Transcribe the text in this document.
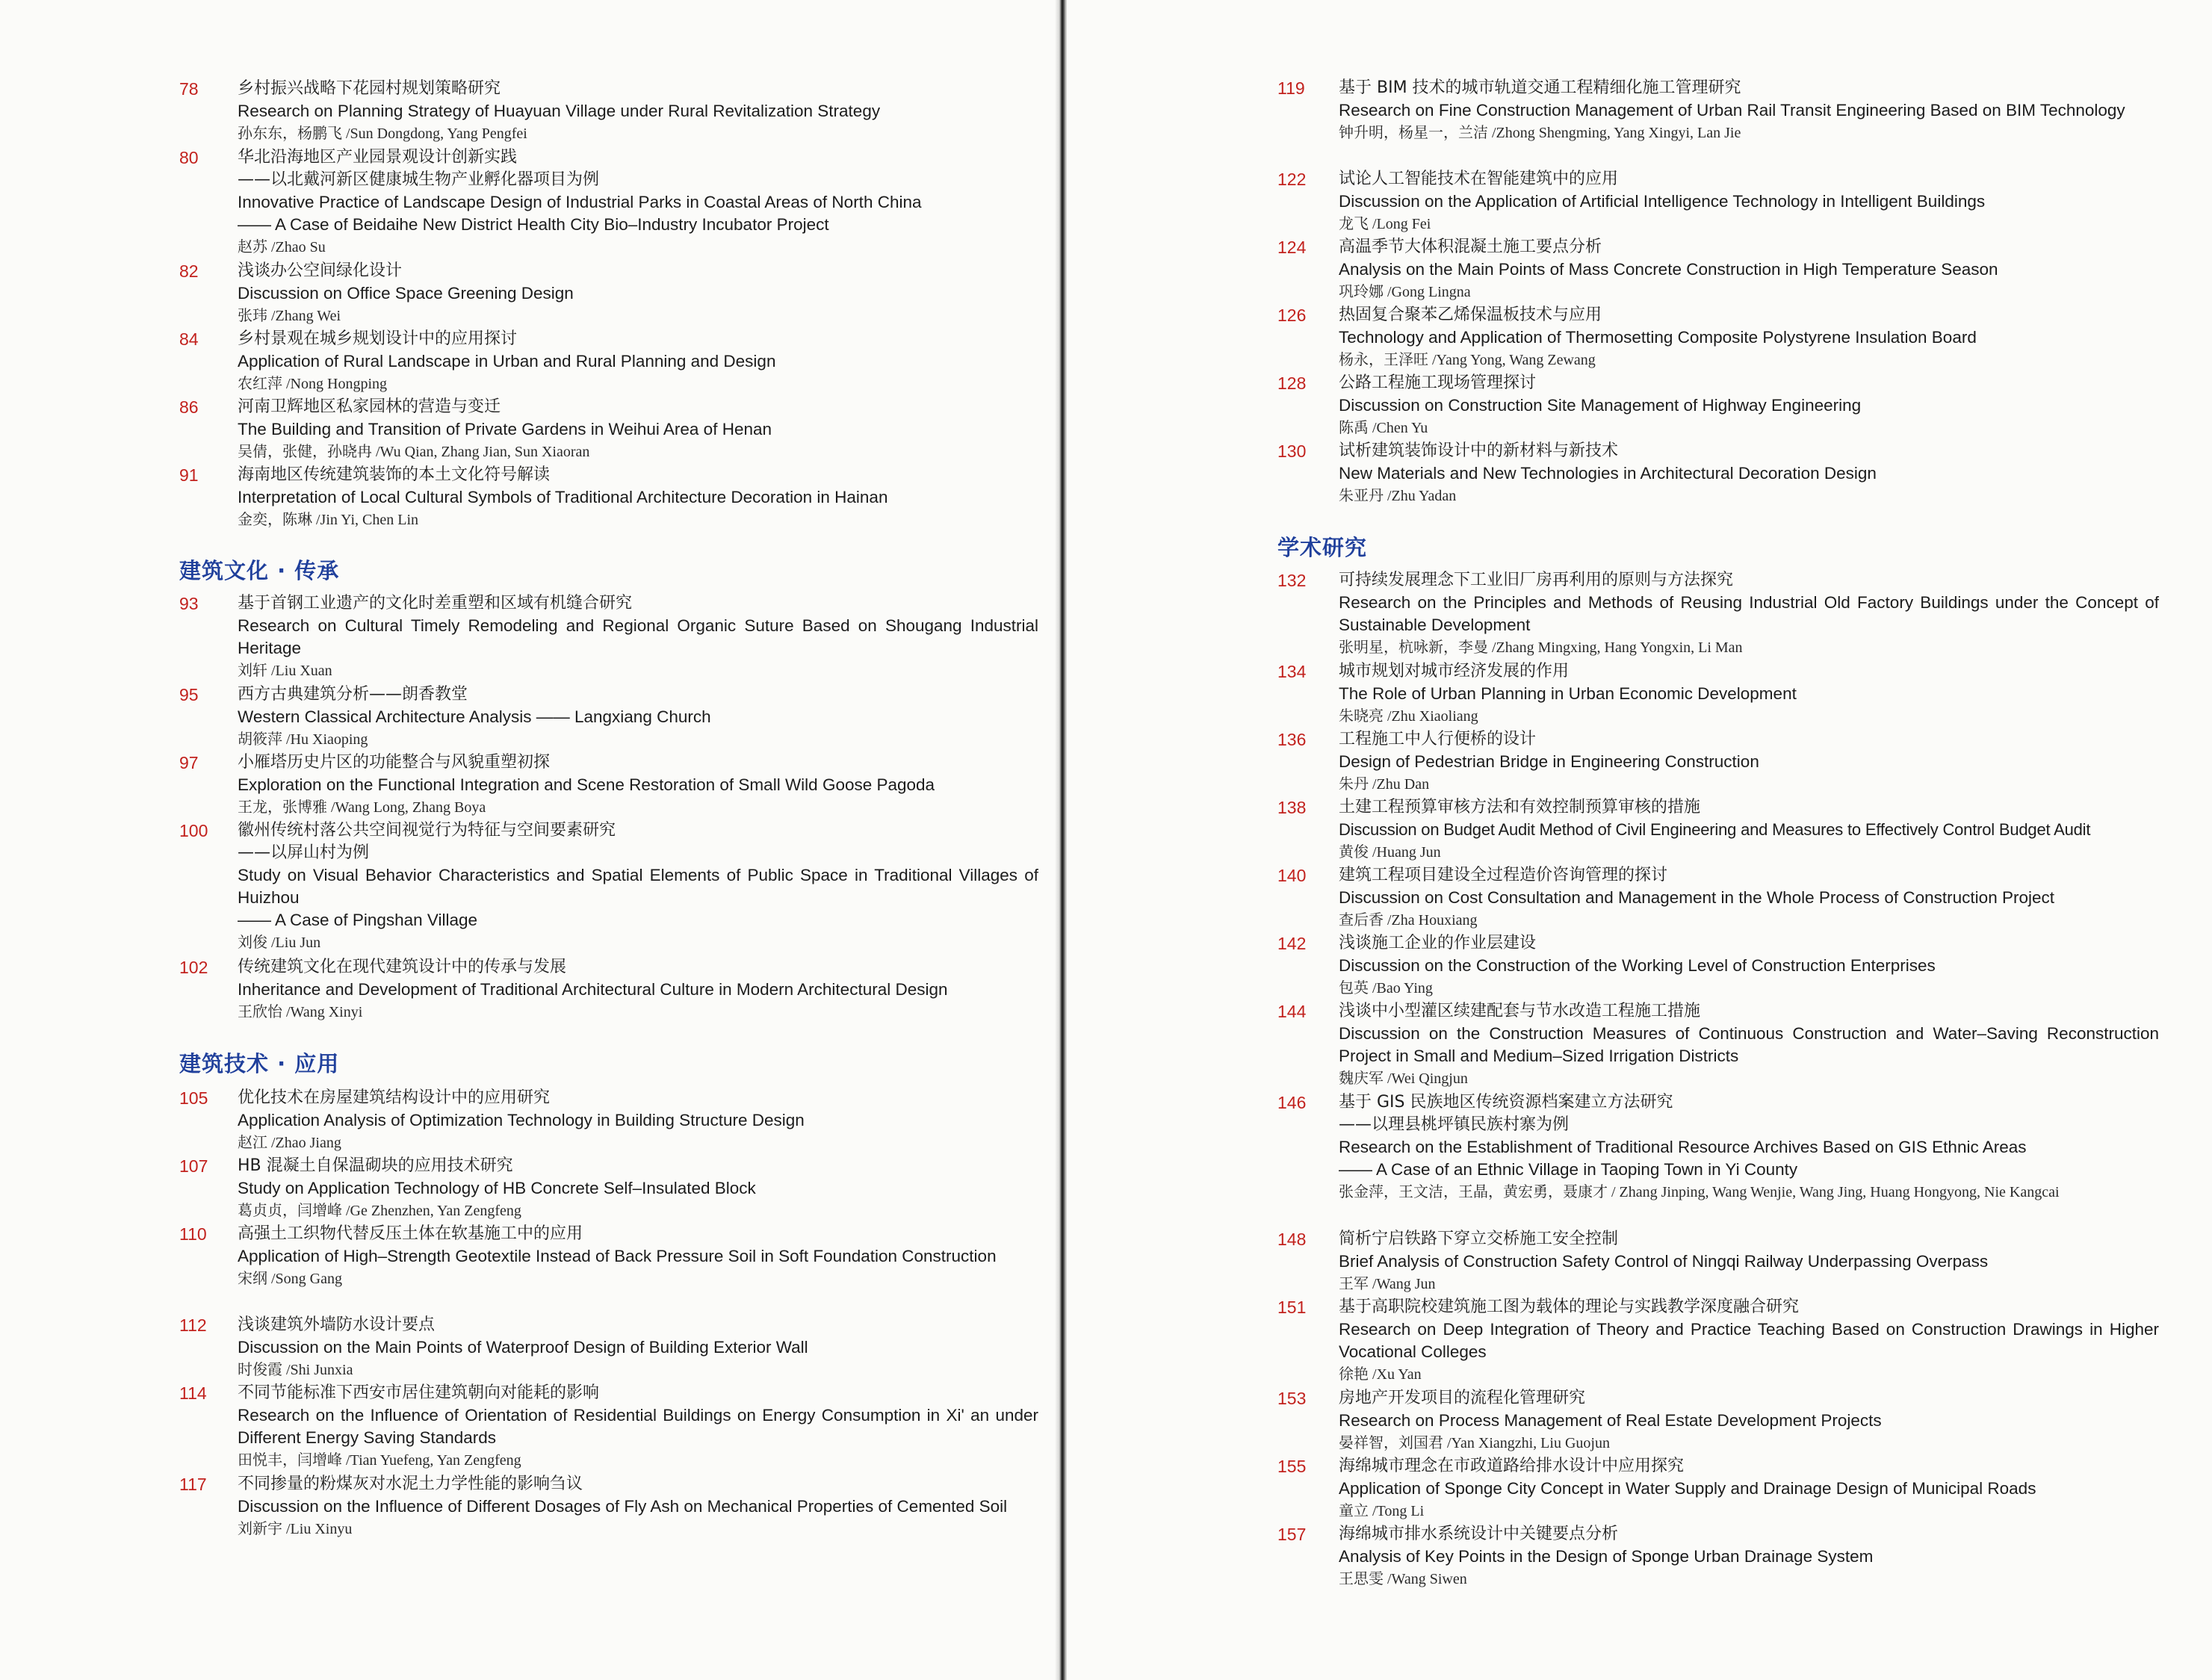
78 乡村振兴战略下花园村规划策略研究
Research on Planning Strategy of Huayuan Village under Rural Revitalization Strategy
孙东东，杨鹏飞 /Sun Dongdong, Yang Pengfei
80 华北沿海地区产业园景观设计创新实践
——以北戴河新区健康城生物产业孵化器项目为例
Innovative Practice of Landscape Design of Industrial Parks in Coastal Areas of North China
—— A Case of Beidaihe New District Health City Bio–Industry Incubator Project
赵苏 /Zhao Su
82 浅谈办公空间绿化设计
Discussion on Office Space Greening Design
张玮 /Zhang Wei
84 乡村景观在城乡规划设计中的应用探讨
Application of Rural Landscape in Urban and Rural Planning and Design
农红萍 /Nong Hongping
86 河南卫辉地区私家园林的营造与变迁
The Building and Transition of Private Gardens in Weihui Area of Henan
吴倩，张健，孙晓冉 /Wu Qian, Zhang Jian, Sun Xiaoran
91 海南地区传统建筑装饰的本土文化符号解读
Interpretation of Local Cultural Symbols of Traditional Architecture Decoration in Hainan
金奕，陈琳 /Jin Yi, Chen Lin
建筑文化 · 传承
93 基于首钢工业遗产的文化时差重塑和区域有机缝合研究
Research on Cultural Timely Remodeling and Regional Organic Suture Based on Shougang Industrial Heritage
刘轩 /Liu Xuan
95 西方古典建筑分析——朗香教堂
Western Classical Architecture Analysis —— Langxiang Church
胡筱萍 /Hu Xiaoping
97 小雁塔历史片区的功能整合与风貌重塑初探
Exploration on the Functional Integration and Scene Restoration of Small Wild Goose Pagoda
王龙，张博雅 /Wang Long, Zhang Boya
100 徽州传统村落公共空间视觉行为特征与空间要素研究
——以屏山村为例
Study on Visual Behavior Characteristics and Spatial Elements of Public Space in Traditional Villages of Huizhou
—— A Case of Pingshan Village
刘俊 /Liu Jun
102 传统建筑文化在现代建筑设计中的传承与发展
Inheritance and Development of Traditional Architectural Culture in Modern Architectural Design
王欣怡 /Wang Xinyi
建筑技术 · 应用
105 优化技术在房屋建筑结构设计中的应用研究
Application Analysis of Optimization Technology in Building Structure Design
赵江 /Zhao Jiang
107 HB 混凝土自保温砌块的应用技术研究
Study on Application Technology of HB Concrete Self–Insulated Block
葛贞贞，闫增峰 /Ge Zhenzhen, Yan Zengfeng
110 高强土工织物代替反压土体在软基施工中的应用
Application of High–Strength Geotextile Instead of Back Pressure Soil in Soft Foundation Construction
宋纲 /Song Gang
112 浅谈建筑外墙防水设计要点
Discussion on the Main Points of Waterproof Design of Building Exterior Wall
时俊霞 /Shi Junxia
114 不同节能标准下西安市居住建筑朝向对能耗的影响
Research on the Influence of Orientation of Residential Buildings on Energy Consumption in Xi' an under Different Energy Saving Standards
田悦丰，闫增峰 /Tian Yuefeng, Yan Zengfeng
117 不同掺量的粉煤灰对水泥土力学性能的影响刍议
Discussion on the Influence of Different Dosages of Fly Ash on Mechanical Properties of Cemented Soil
刘新宇 /Liu Xinyu
119 基于 BIM 技术的城市轨道交通工程精细化施工管理研究
Research on Fine Construction Management of Urban Rail Transit Engineering Based on BIM Technology
钟升明，杨星一，兰洁 /Zhong Shengming, Yang Xingyi, Lan Jie
122 试论人工智能技术在智能建筑中的应用
Discussion on the Application of Artificial Intelligence Technology in Intelligent Buildings
龙飞 /Long Fei
124 高温季节大体积混凝土施工要点分析
Analysis on the Main Points of Mass Concrete Construction in High Temperature Season
巩玲娜 /Gong Lingna
126 热固复合聚苯乙烯保温板技术与应用
Technology and Application of Thermosetting Composite Polystyrene Insulation Board
杨永，王泽旺 /Yang Yong, Wang Zewang
128 公路工程施工现场管理探讨
Discussion on Construction Site Management of Highway Engineering
陈禹 /Chen Yu
130 试析建筑装饰设计中的新材料与新技术
New Materials and New Technologies in Architectural Decoration Design
朱亚丹 /Zhu Yadan
学术研究
132 可持续发展理念下工业旧厂房再利用的原则与方法探究
Research on the Principles and Methods of Reusing Industrial Old Factory Buildings under the Concept of Sustainable Development
张明星，杭咏新，李曼 /Zhang Mingxing, Hang Yongxin, Li Man
134 城市规划对城市经济发展的作用
The Role of Urban Planning in Urban Economic Development
朱晓亮 /Zhu Xiaoliang
136 工程施工中人行便桥的设计
Design of Pedestrian Bridge in Engineering Construction
朱丹 /Zhu Dan
138 土建工程预算审核方法和有效控制预算审核的措施
Discussion on Budget Audit Method of Civil Engineering and Measures to Effectively Control Budget Audit
黄俊 /Huang Jun
140 建筑工程项目建设全过程造价咨询管理的探讨
Discussion on Cost Consultation and Management in the Whole Process of Construction Project
查后香 /Zha Houxiang
142 浅谈施工企业的作业层建设
Discussion on the Construction of the Working Level of Construction Enterprises
包英 /Bao Ying
144 浅谈中小型灌区续建配套与节水改造工程施工措施
Discussion on the Construction Measures of Continuous Construction and Water–Saving Reconstruction Project in Small and Medium–Sized Irrigation Districts
魏庆军 /Wei Qingjun
146 基于 GIS 民族地区传统资源档案建立方法研究
——以理县桃坪镇民族村寨为例
Research on the Establishment of Traditional Resource Archives Based on GIS Ethnic Areas
—— A Case of an Ethnic Village in Taoping Town in Yi County
张金萍，王文洁，王晶，黄宏勇，聂康才 / Zhang Jinping, Wang Wenjie, Wang Jing, Huang Hongyong, Nie Kangcai
148 简析宁启铁路下穿立交桥施工安全控制
Brief Analysis of Construction Safety Control of Ningqi Railway Underpassing Overpass
王军 /Wang Jun
151 基于高职院校建筑施工图为载体的理论与实践教学深度融合研究
Research on Deep Integration of Theory and Practice Teaching Based on Construction Drawings in Higher Vocational Colleges
徐艳 /Xu Yan
153 房地产开发项目的流程化管理研究
Research on Process Management of Real Estate Development Projects
晏祥智，刘国君 /Yan Xiangzhi, Liu Guojun
155 海绵城市理念在市政道路给排水设计中应用探究
Application of Sponge City Concept in Water Supply and Drainage Design of Municipal Roads
童立 /Tong Li
157 海绵城市排水系统设计中关键要点分析
Analysis of Key Points in the Design of Sponge Urban Drainage System
王思雯 /Wang Siwen
